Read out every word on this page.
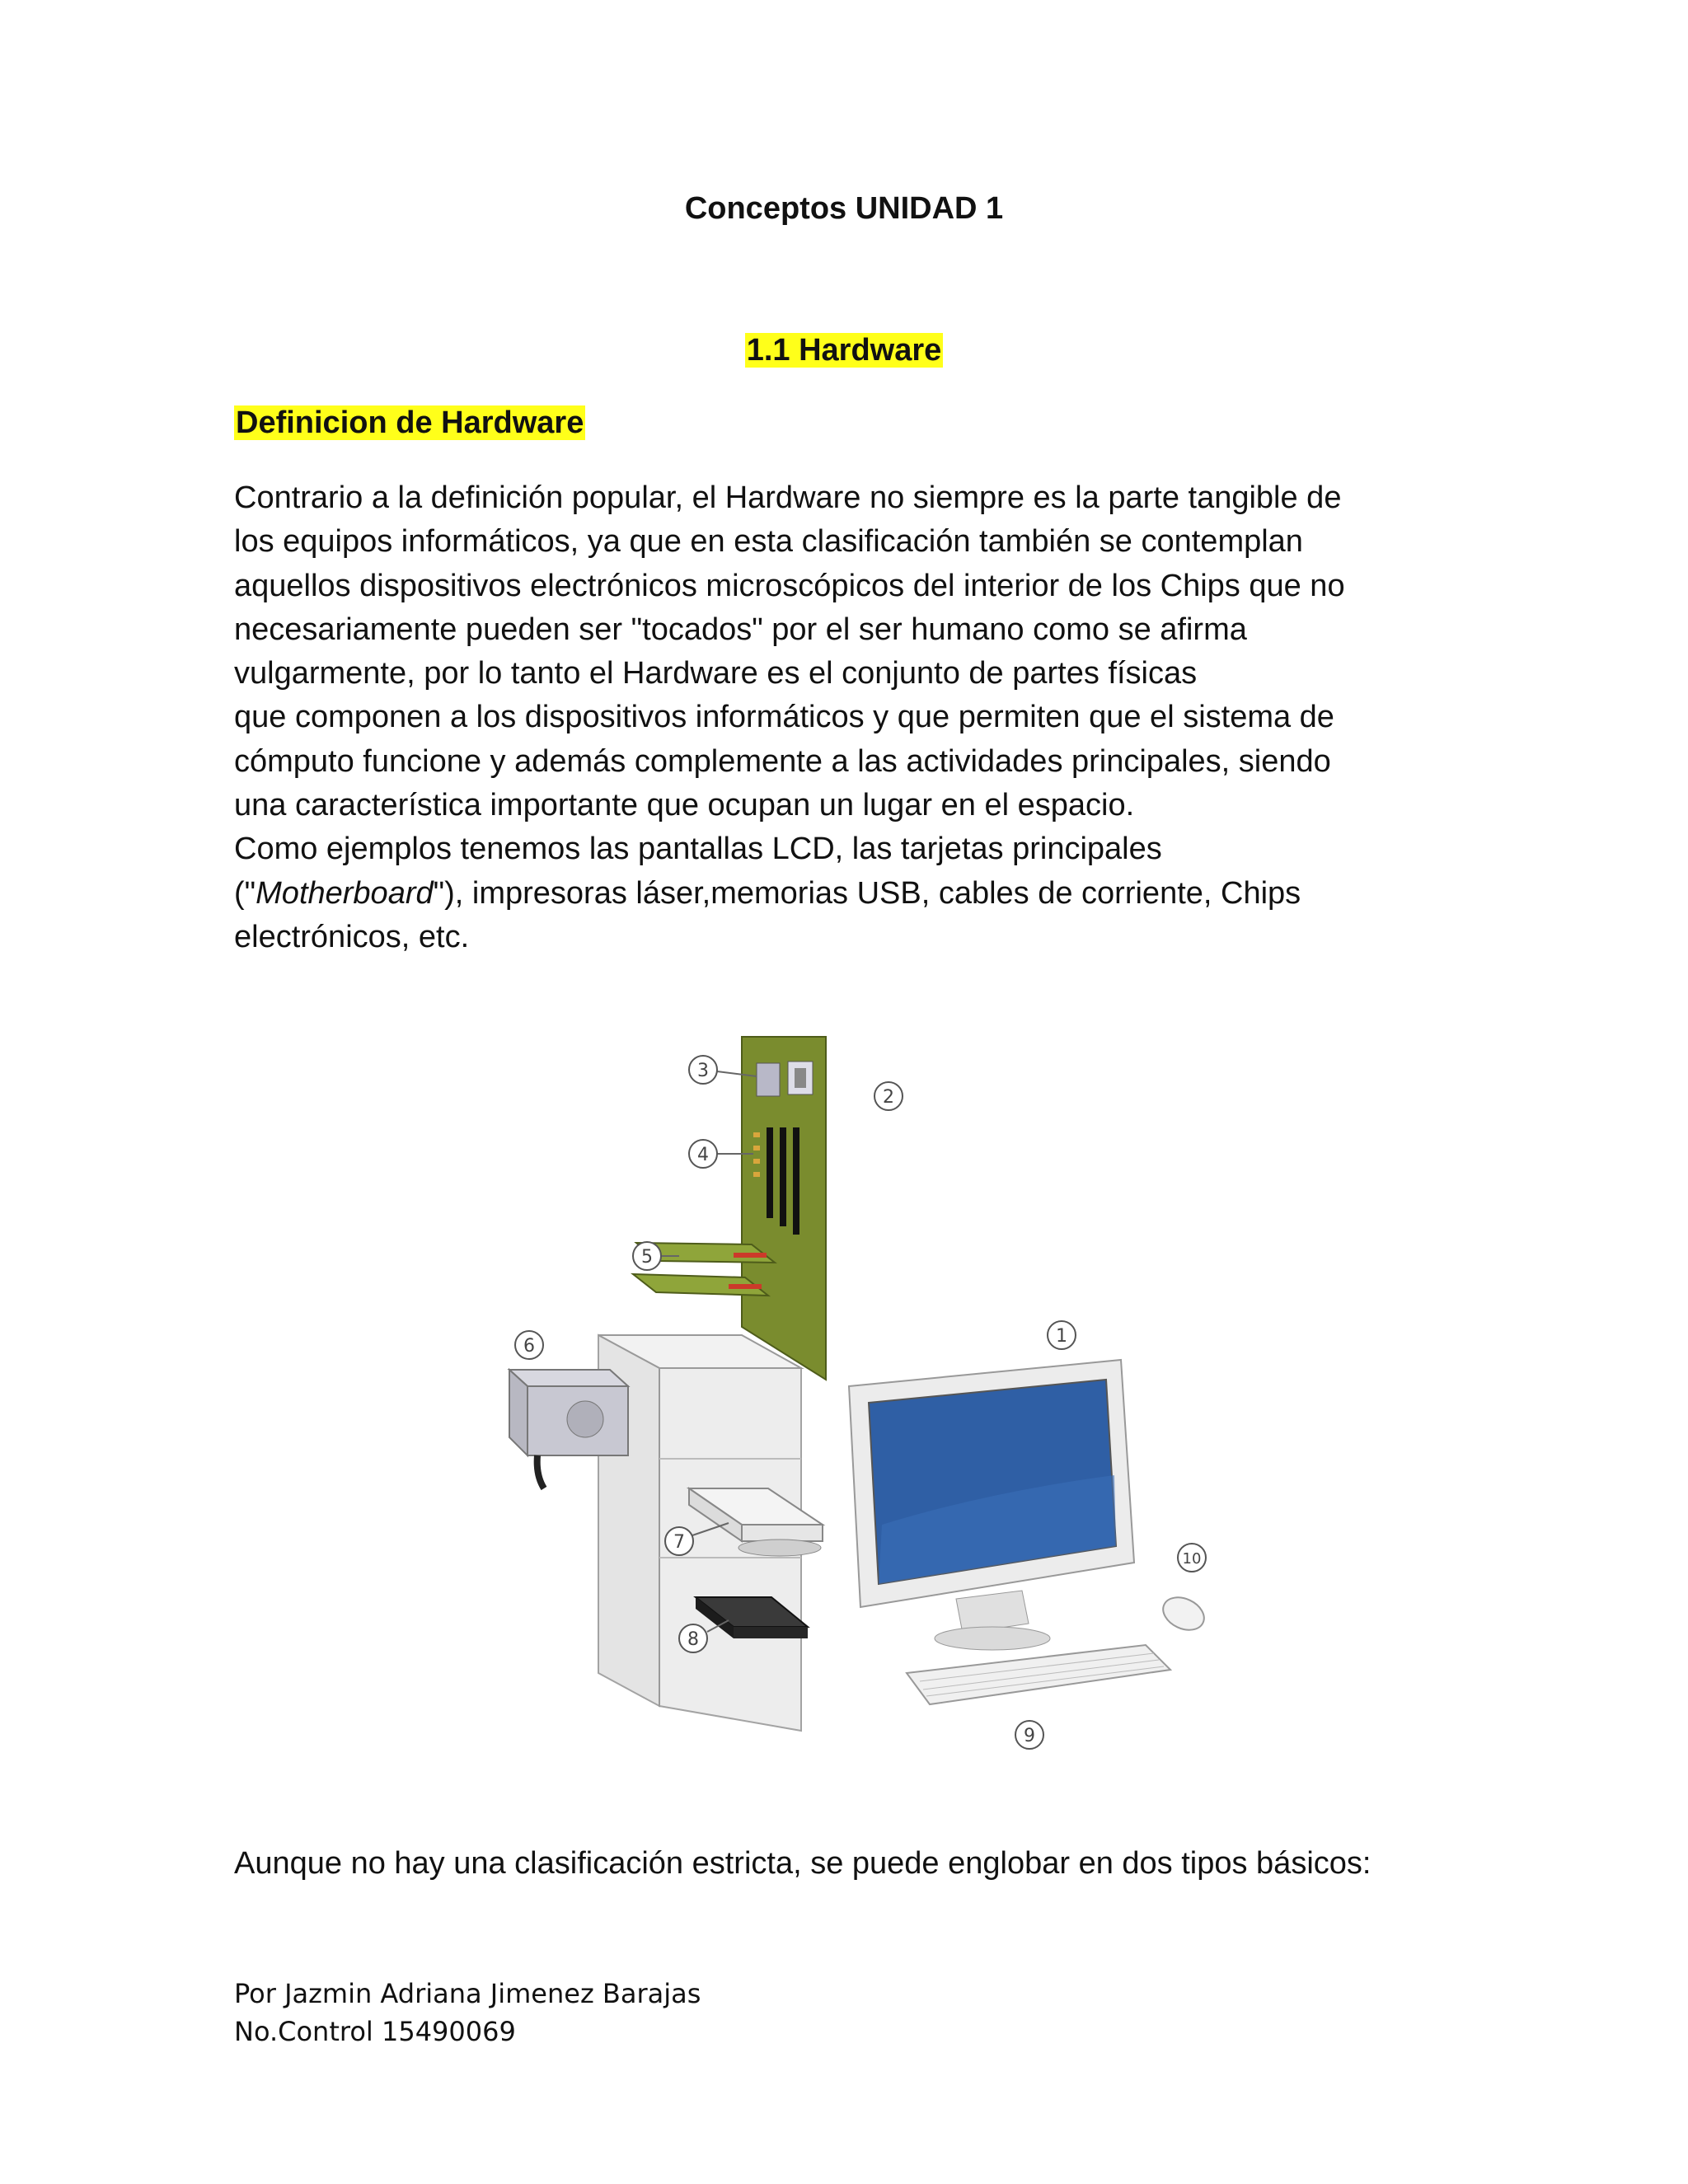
Conceptos UNIDAD 1
1.1 Hardware
Definicion de Hardware
Contrario a la definición popular, el Hardware no siempre es la parte tangible de
los equipos informáticos, ya que en esta clasificación también se contemplan
aquellos dispositivos electrónicos microscópicos del interior de los Chips que no
necesariamente pueden ser "tocados" por el ser humano como se afirma
vulgarmente, por lo tanto el Hardware es el conjunto de partes físicas
que componen a los dispositivos informáticos y que permiten que el sistema de
cómputo funcione y además complemente a las actividades principales, siendo
una característica importante que ocupan un lugar en el espacio.
Como ejemplos tenemos las pantallas LCD, las tarjetas principales
("Motherboard"), impresoras láser,memorias USB, cables de corriente, Chips
electrónicos, etc.
1
2
3
4
5
6
7
8
9
10
Aunque no hay una clasificación estricta, se puede englobar en dos tipos básicos:
Por Jazmin Adriana Jimenez Barajas
No.Control 15490069
